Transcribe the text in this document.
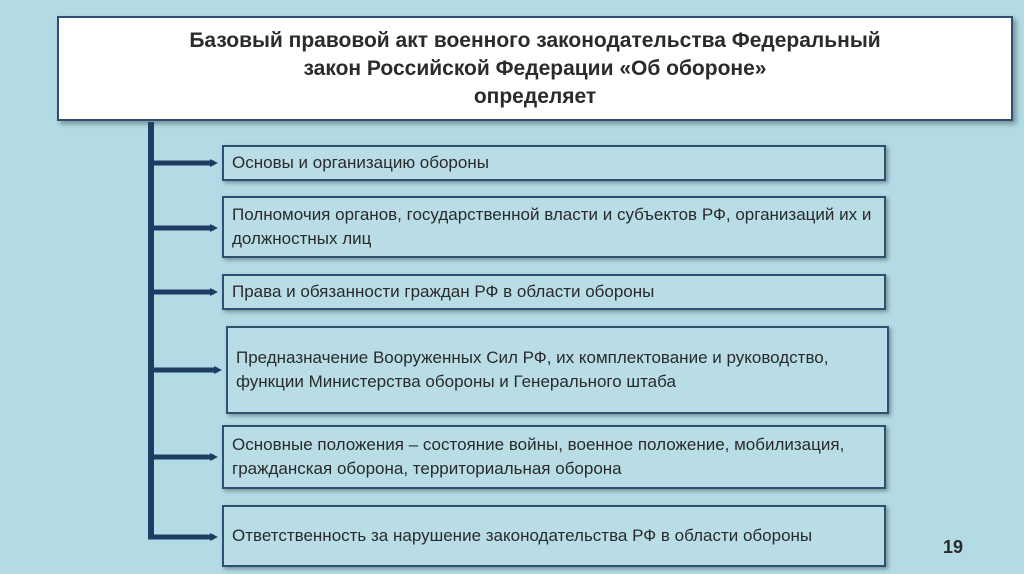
Базовый правовой акт военного законодательства Федеральный
закон Российской Федерации «Об обороне»
определяет
Основы и организацию обороны
Полномочия органов, государственной власти и субъектов РФ, организаций их и должностных лиц
Права и обязанности граждан РФ в области обороны
Предназначение Вооруженных Сил РФ, их комплектование и руководство, функции Министерства обороны и Генерального штаба
Основные положения – состояние войны, военное положение, мобилизация, гражданская оборона, территориальная оборона
Ответственность за нарушение законодательства РФ в области обороны
19
